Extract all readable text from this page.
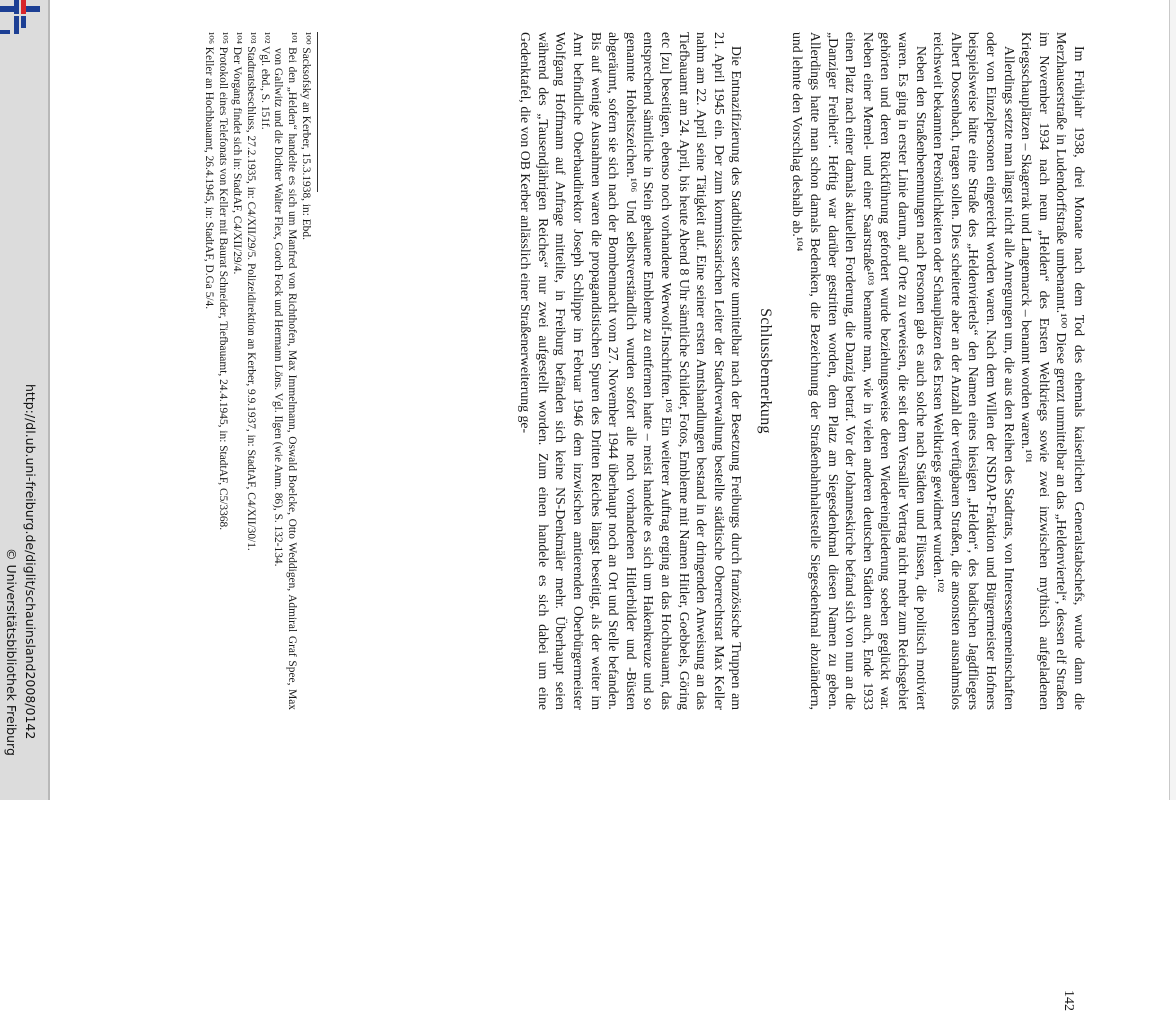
http://dl.ub.uni-freiburg.de/diglit/schauinsland2008/0142
© Universitätsbibliothek Freiburg	Im Frühjahr 1938, drei Monate nach dem Tod des ehemals kaiserlichen Generalstabschefs, wurde dann die Merzhauserstraße in Ludendorffstraße umbenannt.¹⁰⁰ Diese grenzt unmittelbar an das „Heldenviertel“, dessen elf Straßen im November 1934 nach neun „Helden“ des Ersten Weltkriegs sowie zwei inzwischen mythisch aufgeladenen Kriegsschauplätzen – Skagerrak und Langemarck – benannt worden waren.¹⁰¹

Allerdings setzte man längst nicht alle Anregungen um, die aus den Reihen des Stadtrats, von Interessengemeinschaften oder von Einzelpersonen eingereicht worden waren. Nach dem Willen der NSDAP-Fraktion und Bürgermeister Hofners beispielsweise hätte eine Straße des „Heldenviertels“ den Namen eines hiesigen „Helden“, des badischen Jagdfliegers Albert Dossenbach, tragen sollen. Dies scheiterte aber an der Anzahl der verfügbaren Straßen, die ansonsten ausnahmslos reichsweit bekannten Persönlichkeiten oder Schauplätzen des Ersten Weltkriegs gewidmet wurden.¹⁰²

Neben den Straßenbenennungen nach Personen gab es auch solche nach Städten und Flüssen, die politisch motiviert waren. Es ging in erster Linie darum, auf Orte zu verweisen, die seit dem Versailler Vertrag nicht mehr zum Reichsgebiet gehörten und deren Rückführung gefordert wurde beziehungsweise deren Wiedereingliederung soeben geglückt war. Neben einer Memel- und einer Saarstraße¹⁰³ benannte man, wie in vielen anderen deutschen Städten auch, Ende 1933 einen Platz nach einer damals aktuellen Forderung, die Danzig betraf. Vor der Johanneskirche befand sich von nun an die „Danziger Freiheit“. Heftig war darüber gestritten worden, dem Platz am Siegesdenkmal diesen Namen zu geben. Allerdings hatte man schon damals Bedenken, die Bezeichnung der Straßenbahnhaltestelle Siegesdenkmal abzuändern, und lehnte den Vorschlag deshalb ab.¹⁰⁴

Schlussbemerkung

Die Entnazifizierung des Stadtbildes setzte unmittelbar nach der Besetzung Freiburgs durch französische Truppen am 21. April 1945 ein. Der zum kommissarischen Leiter der Stadtverwaltung bestellte städtische Oberrechtsrat Max Keller nahm am 22. April seine Tätigkeit auf. Eine seiner ersten Amtshandlungen bestand in der dringenden Anweisung an das Tiefbauamt am 24. April, bis heute Abend 8 Uhr sämtliche Schilder, Fotos, Embleme mit Namen Hitler, Goebbels, Göring etc [zu] beseitigen, ebenso noch vorhandene Werwolf-Inschriften.¹⁰⁵ Ein weiterer Auftrag erging an das Hochbauamt, das entsprechend sämtliche in Stein gehauene Embleme zu entfernen hatte – meist handelte es sich um Hakenkreuze und so genannte Hoheitszeichen.¹⁰⁶ Und selbstverständlich wurden sofort alle noch vorhandenen Hitlerbilder und -Büsten abgeräumt, sofern sie sich nach der Bombennacht vom 27. November 1944 überhaupt noch an Ort und Stelle befanden. Bis auf wenige Ausnahmen waren die propagandistischen Spuren des Dritten Reiches längst beseitigt, als der weiter im Amt befindliche Oberbaudirektor Joseph Schlippe im Februar 1946 dem inzwischen amtierenden Oberbürgermeister Wolfgang Hoffmann auf Anfrage mitteilte, in Freiburg befänden sich keine NS-Denkmäler mehr. Überhaupt seien während des „Tausendjährigen Reiches“ nur zwei aufgestellt worden. Zum einen handele es sich dabei um eine Gedenktafel, die von OB Kerber anlässlich einer Straßenerweiterung ge-

¹⁰⁰ Sacksofsky an Kerber, 15.3.1938, in: Ebd.

¹⁰¹ Bei den „Helden“ handelte es sich um Manfred von Richthofen, Max Immelmann, Oswald Boelcke, Otto Weddigen, Admiral Graf Spee, Max von Gallwitz und die Dichter Walter Flex, Gorch Fock und Hermann Löns. Vgl. Ilgen (wie Anm. 86), S. 132-134.

¹⁰² Vgl. ebd., S. 151f.

¹⁰³ Stadtratsbeschluss, 27.2.1935, in: C4/XII/29/5. Polizeidirektion an Kerber, 9.9.1937, in: StadtAF, C4/XII/30/1.

¹⁰⁴ Der Vorgang findet sich in: StadtAF, C4/XII/29/4.

¹⁰⁵ Protokoll eines Telefonats von Keller mit Baurat Schneider, Tiefbauamt, 24.4.1945, in: StadtAF, C5/3368.

¹⁰⁶ Keller an Hochbauamt, 26.4.1945, in: StadtAF, D.Ga 5/4.

142
